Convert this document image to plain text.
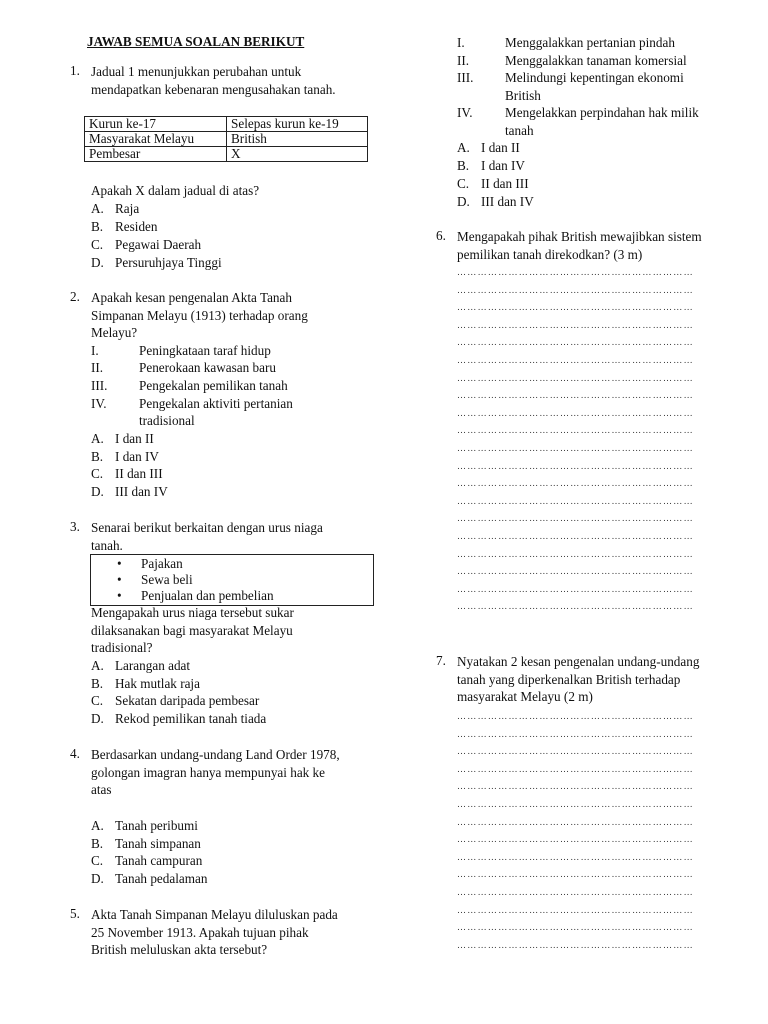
JAWAB SEMUA SOALAN BERIKUT
1. Jadual 1 menunjukkan perubahan untuk
mendapatkan kebenaran mengusahakan tanah.
Kurun ke-17	Selepas kurun ke-19
Masyarakat Melayu	British
Pembesar	X
Apakah X dalam jadual di atas?
A. Raja
B. Residen
C. Pegawai Daerah
D. Persuruhjaya Tinggi
2. Apakah kesan pengenalan Akta Tanah
Simpanan Melayu (1913) terhadap orang
Melayu?
I.	Peningkataan taraf hidup
II.	Penerokaan kawasan baru
III. Pengekalan pemilikan tanah
IV. Pengekalan aktiviti pertanian
tradisional
A. I dan II
B. I dan IV
C. II dan III
D. III dan IV
3. Senarai berikut berkaitan dengan urus niaga
tanah.
• Pajakan
• Sewa beli
• Penjualan dan pembelian
Mengapakah urus niaga tersebut sukar
dilaksanakan bagi masyarakat Melayu
tradisional?
A. Larangan adat
B. Hak mutlak raja
C. Sekatan daripada pembesar
D. Rekod pemilikan tanah tiada
4. Berdasarkan undang-undang Land Order 1978,
golongan imagran hanya mempunyai hak ke
atas
A. Tanah peribumi
B. Tanah simpanan
C. Tanah campuran
D. Tanah pedalaman
5. Akta Tanah Simpanan Melayu diluluskan pada
25 November 1913. Apakah tujuan pihak
British meluluskan akta tersebut?
I.	Menggalakkan pertanian pindah
II.	Menggalakkan tanaman komersial
III. Melindungi kepentingan ekonomi
British
IV. Mengelakkan perpindahan hak milik
tanah
A. I dan II
B. I dan IV
C. II dan III
D. III dan IV
6. Mengapakah pihak British mewajibkan sistem
pemilikan tanah direkodkan? (3 m)
7. Nyatakan 2 kesan pengenalan undang-undang
tanah yang diperkenalkan British terhadap
masyarakat Melayu (2 m)
……………………………………………………………
……………………………………………………………
……………………………………………………………
……………………………………………………………
……………………………………………………………
……………………………………………………………
……………………………………………………………
……………………………………………………………
……………………………………………………………
……………………………………………………………
……………………………………………………………
……………………………………………………………
……………………………………………………………
……………………………………………………………
……………………………………………………………
……………………………………………………………
……………………………………………………………
……………………………………………………………
……………………………………………………………
……………………………………………………………
……………………………………………………………
……………………………………………………………
……………………………………………………………
……………………………………………………………
……………………………………………………………
……………………………………………………………
……………………………………………………………
……………………………………………………………
……………………………………………………………
……………………………………………………………
……………………………………………………………
……………………………………………………………
……………………………………………………………
……………………………………………………………
